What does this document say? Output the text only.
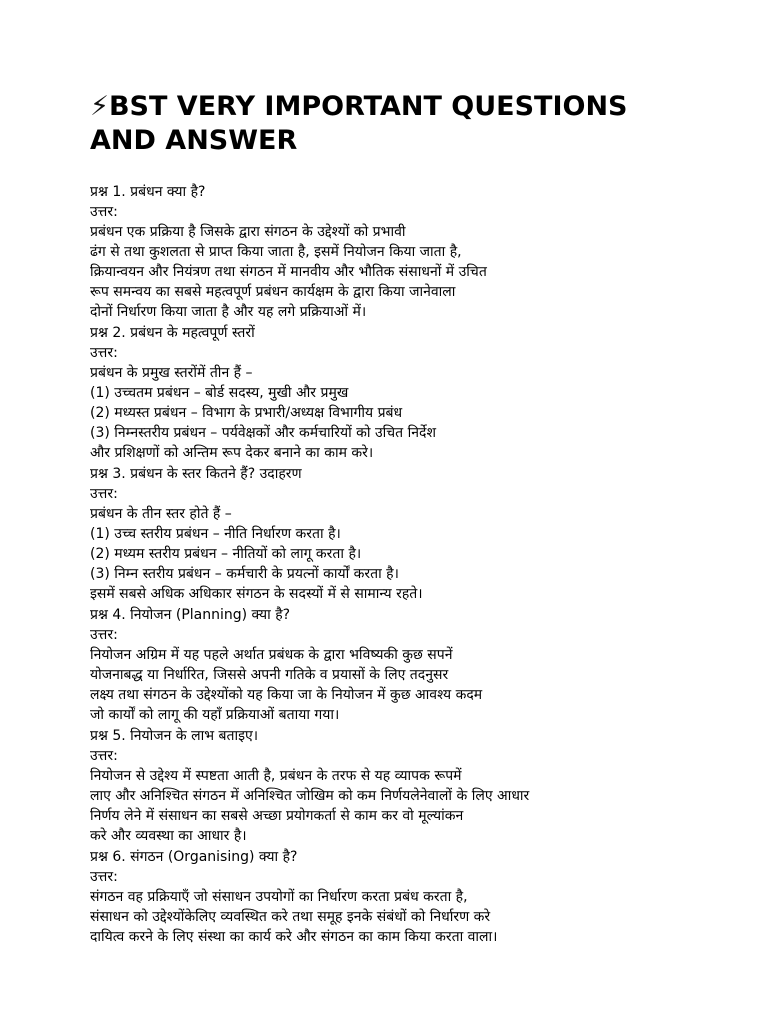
⚡BST VERY IMPORTANT QUESTIONS AND ANSWER

प्रश्न 1. प्रबंधन क्या है?

उत्तर:

प्रबंधन एक प्रक्रिया है जिसके द्वारा संगठन के उद्देश्यों को प्रभावी

ढंग से तथा कुशलता से प्राप्त किया जाता है, इसमें नियोजन किया जाता है,

क्रियान्वयन और नियंत्रण तथा संगठन में मानवीय और भौतिक संसाधनों में उचित

रूप समन्वय का सबसे महत्वपूर्ण प्रबंधन कार्यक्षम के द्वारा किया जानेवाला

दोनों निर्धारण किया जाता है और यह लगे प्रक्रियाओं में।

प्रश्न 2. प्रबंधन के महत्वपूर्ण स्तरों

उत्तर:

प्रबंधन के प्रमुख स्तरोंमें तीन हैं –

(1) उच्चतम प्रबंधन – बोर्ड सदस्य, मुखी और प्रमुख

(2) मध्यस्त प्रबंधन – विभाग के प्रभारी/अध्यक्ष विभागीय प्रबंध

(3) निम्नस्तरीय प्रबंधन – पर्यवेक्षकों और कर्मचारियों को उचित निर्देश

और प्रशिक्षणों को अन्तिम रूप देकर बनाने का काम करे।

प्रश्न 3. प्रबंधन के स्तर कितने हैं? उदाहरण

उत्तर:

प्रबंधन के तीन स्तर होते हैं –

(1) उच्च स्तरीय प्रबंधन – नीति निर्धारण करता है।

(2) मध्यम स्तरीय प्रबंधन – नीतियों को लागू करता है।

(3) निम्न स्तरीय प्रबंधन – कर्मचारी के प्रयत्नों कार्यों करता है।

इसमें सबसे अधिक अधिकार संगठन के सदस्यों में से सामान्य रहते।

प्रश्न 4. नियोजन (Planning) क्या है?

उत्तर:

नियोजन अग्रिम में यह पहले अर्थात प्रबंधक के द्वारा भविष्यकी कुछ सपनें

योजनाबद्ध या निर्धारित, जिससे अपनी गतिके व प्रयासों के लिए तदनुसर

लक्ष्य तथा संगठन के उद्देश्योंको यह किया जा के नियोजन में कुछ आवश्य कदम

जो कार्यों को लागू की यहाँ प्रक्रियाओं बताया गया।

प्रश्न 5. नियोजन के लाभ बताइए।

उत्तर:

नियोजन से उद्देश्य में स्पष्टता आती है, प्रबंधन के तरफ से यह व्यापक रूपमें

लाए और अनिश्चित संगठन में अनिश्चित जोखिम को कम निर्णयलेनेवालों के लिए आधार

निर्णय लेने में संसाधन का सबसे अच्छा प्रयोगकर्ता से काम कर वो मूल्यांकन

करे और व्यवस्था का आधार है।

प्रश्न 6. संगठन (Organising) क्या है?

उत्तर:

संगठन वह प्रक्रियाएँ जो संसाधन उपयोगों का निर्धारण करता प्रबंध करता है,

संसाधन को उद्देश्योंकेलिए व्यवस्थित करे तथा समूह इनके संबंधों को निर्धारण करे

दायित्व करने के लिए संस्था का कार्य करे और संगठन का काम किया करता वाला।
